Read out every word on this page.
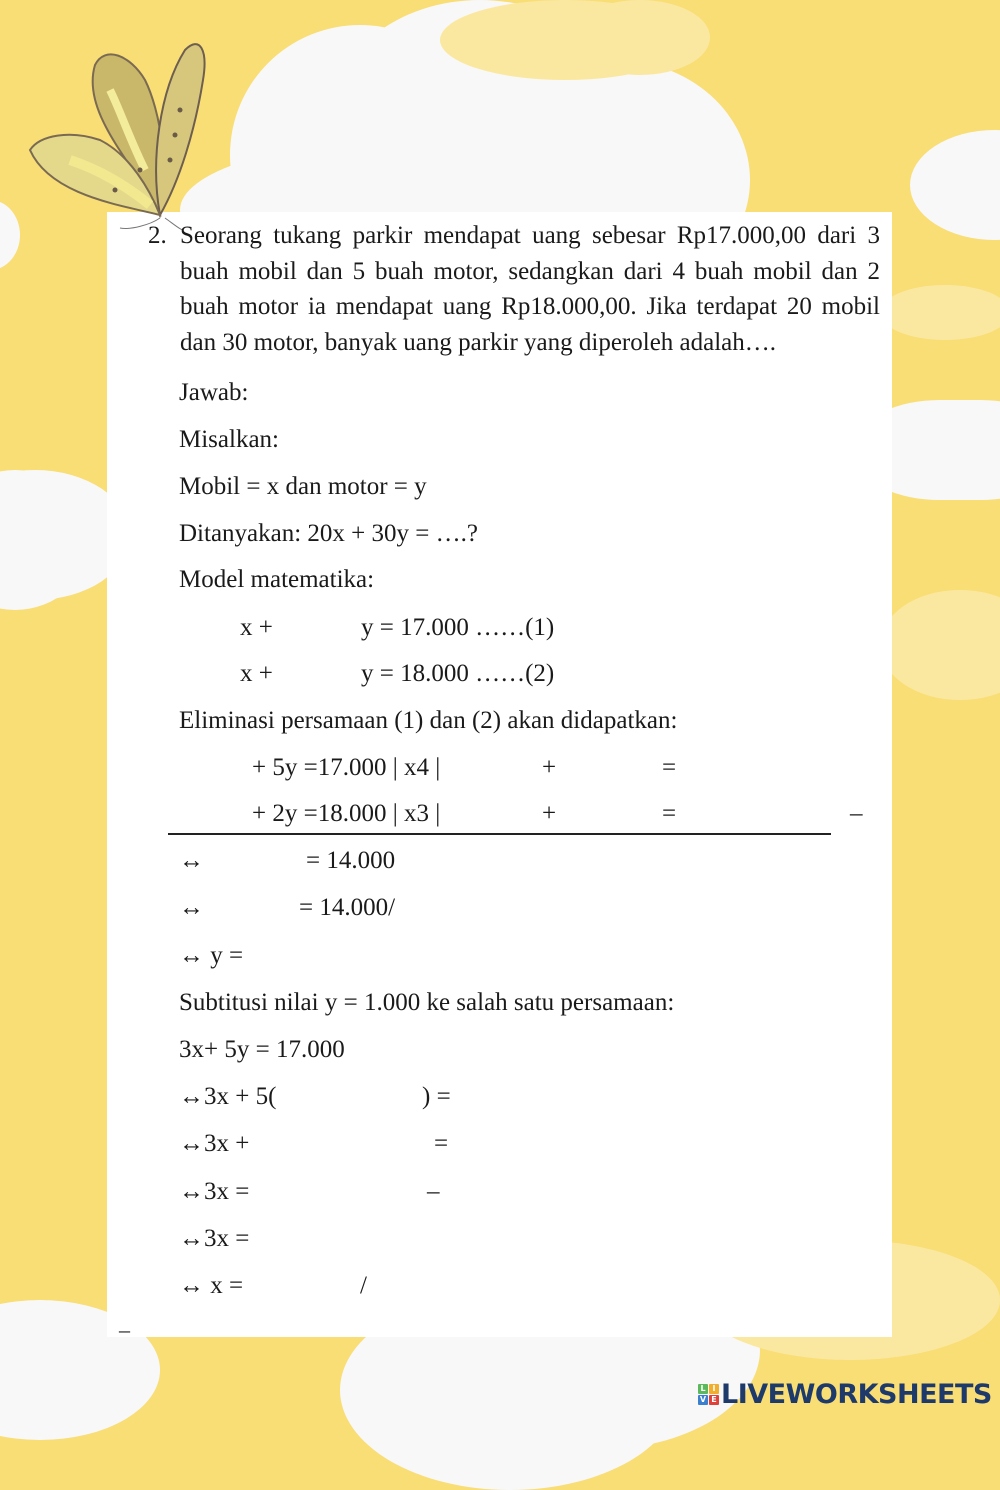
2. Seorang tukang parkir mendapat uang sebesar Rp17.000,00 dari 3 buah mobil dan 5 buah motor, sedangkan dari 4 buah mobil dan 2 buah motor ia mendapat uang Rp18.000,00. Jika terdapat 20 mobil dan 30 motor, banyak uang parkir yang diperoleh adalah….
Jawab:
Misalkan:
Mobil = x dan motor = y
Ditanyakan: 20x + 30y = ….?
Model matematika:
x +	y = 17.000 ……(1)
x +	y = 18.000 ……(2)
Eliminasi persamaan (1) dan (2) akan didapatkan:
+ 5y =17.000 | x4 |	+	=
+ 2y =18.000 | x3 |	+	=	–
↔	= 14.000
↔	= 14.000/
↔ y =
Subtitusi nilai y = 1.000 ke salah satu persamaan:
3x+ 5y = 17.000
↔3x + 5(	) =
↔3x +	=
↔3x =	–
↔3x =
↔ x =	/
–
L I
V E LIVEWORKSHEETS
